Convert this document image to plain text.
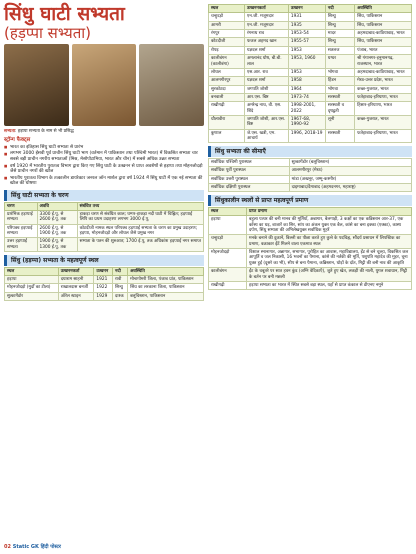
सिंधु घाटी सभ्यता
(हड़प्पा सभ्यता)
सभ्यता: हड़प्पा सभ्यता के नाम से भी प्रसिद्ध
स्ट्रॉन्ग फैक्ट्स
■ भारत का इतिहास सिंधु घाटी सभ्यता से प्रारंभ
■ लगभग 3000 ईसवी पूर्व प्राचीन सिंधु घाटी भाग (वर्तमान में पाकिस्तान तथा पश्चिमी भारत) में विकसित सभ्यता चार सबसे बड़ी प्राचीन नगरीय सभ्यताओं (मिस्र, मेसोपोटामिया, भारत और चीन) में सबसे अधिक उन्नत सभ्यता
■ वर्ष 1920 में भारतीय पुरातत्व विभाग द्वारा किए गए सिंधु घाटी के उत्खनन से प्राप्त अवशेषों से हड़प्पा तथा मोहनजोदड़ो जैसे प्राचीन नगरों की खोज
■ भारतीय पुरातत्व विभाग के तत्कालीन डायरेक्टर जनरल जॉन मार्शल द्वारा वर्ष 1924 में सिंधु घाटी में एक नई सभ्यता की खोज की घोषणा
सिंधु घाटी सभ्यता के चरण
चरण	अवधि	संबंधित तथ्य
प्रारंभिक हड़प्पाई सभ्यता	3300 ई.पू. से 2600 ई.पू. तक	हाकड़ा चरण से संबंधित काल; घग्गर-हाकड़ा नदी घाटी में चिह्नित; हड़प्पाई लिपि का प्रथम उदाहरण लगभग 3000 ई.पू.
परिपक्व हड़प्पाई सभ्यता	2600 ई.पू. से 1900 ई.पू. तक	कोटदीजी नामक स्थल परिपक्व हड़प्पाई सभ्यता के चरण का प्रमुख उदाहरण; हड़प्पा, मोहनजोदड़ो और लोथल जैसे प्रमुख नगर
उत्तर हड़प्पाई सभ्यता	1900 ई.पू. से 1300 ई.पू. तक	सभ्यता के पतन की शुरुआत; 1700 ई.पू. तक अधिकांश हड़प्पाई नगर समाप्त
सिंधु (हड़प्पा) सभ्यता के महत्वपूर्ण स्थल
स्थल	उत्खननकर्ता	उत्खनन	नदी	अवस्थिति
हड़प्पा	दयाराम साहनी	1921	रावी	मोन्टगोमरी जिला, पंजाब प्रांत, पाकिस्तान
मोहनजोदड़ो (मुर्दों का टीला)	राखालदास बनर्जी	1922	सिन्धु	सिंध का लरकाना जिला, पाकिस्तान
सुत्कागेंडोर	ऑरेल स्टाइन	1929	दाश्क	बलूचिस्तान, पाकिस्तान
स्थल	उत्खननकर्ता	उत्खनन	नदी	अवस्थिति
चन्हुदड़ो	एन.जी. मजूमदार	1931	सिन्धु	सिंध, पाकिस्तान
आमरी	एन.जी. मजूमदार	1935	सिन्धु	सिंध, पाकिस्तान
रंगपुर	रंगनाथ राव	1953-54	मादर	अहमदाबाद-काठियावाड़, भारत
कोटदीजी	फजल अहमद खान	1955-57	सिन्धु	सिंध, पाकिस्तान
रोपड़	यज्ञदत्त शर्मा	1953	सतलज	पंजाब, भारत
कालीबंगन (कालीबंगा)	अमलानंद घोष, बी.बी. लाल	1953, 1960	घग्घर	श्री गंगानगर-हनुमानगढ़, राजस्थान, भारत
लोथल	एस.आर. राव	1953	भोगवा	अहमदाबाद-काठियावाड़, भारत
आलमगीरपुर	यज्ञदत्त शर्मा	1958	हिंडन	मेरठ-उत्तर प्रदेश, भारत
सुरकोटदा	जगपति जोशी	1964	भोगवा	कच्छ-गुजरात, भारत
बनवाली	आर.एस. बिष्ट	1973-74	सरस्वती	फतेहाबाद-हरियाणा, भारत
राखीगढ़ी	अमरेन्द्र नाथ, वी. एस. शिंदे	1998-2001, 2022	सरस्वती व दृषद्वती	हिसार-हरियाणा, भारत
धौलावीरा	जगपति जोशी, आर.एस. बिष्ट	1967-68, 1990-92	लूनी	कच्छ-गुजरात, भारत
कुणाल	जे.एस. खत्री, एम. आचार्य	1996, 2018-19	सरस्वती	फतेहाबाद-हरियाणा, भारत
सिंधु सभ्यता की सीमाएँ
सर्वाधिक पश्चिमी पुरास्थल	सुत्कागेंडोर (बलूचिस्तान)
सर्वाधिक पूर्वी पुरास्थल	आलमगीरपुर (मेरठ)
सर्वाधिक उत्तरी पुरास्थल	मांडा (अखनूर, जम्मू-कश्मीर)
सर्वाधिक दक्षिणी पुरास्थल	दाइमाबाद/दैमाबाद (अहमदनगर, महाराष्ट्र)
सिंधुकालीन स्थलों से प्राप्त महत्वपूर्ण प्रमाण
स्थल	प्राप्त प्रमाण
हड़प्पा	बहुला पत्थर की बनी मानव की मूर्तियाँ, अन्नागार, बैलगाड़ी, 3 कक्षों का एक कब्रिस्तान आर-37, एक कॉस्य का घड़, बाजारें का सिर, सांप का अंकन युक्त एक बैल, कांसे का बना इक्का (एक्का), कास्य दर्पण, सिंधु सभ्यता की अभिलेखयुक्त सर्वाधिक मुहरें
चन्हुदड़ो	मनके बनाने की दुकानें, बिल्ली का पीछा करते हुए कुत्ते के पदचिह्न, सौंदर्य प्रसाधन में लिपस्टिक का प्रमाण, वक्राकार ईंटें मिलने वाला एकमात्र स्थल
मोहनजोदड़ो	विशाल स्नानागार, अन्नागार, सभागार, पुरोहित का आवास, महाविद्यालय, ईंट से बने चूल्हा, विकसित जल आपूर्ति व जल निकासी, 16 भवनों का पैमाना, कांसे की नर्तकी की मूर्ति, पशुपति महादेव की मुहर, चूना युक्त हुई (दूसरे का भी), सीप से बना पैमाना, कब्रिस्तान, घोड़ों के दाँत, मिट्टी की बनी नाव की आकृति
कालीबंगन	ईंट के चबूतरे पर सात हवन कुंड (अग्नि वेदिकाएँ), जुते हुए खेत, लकड़ी की नाली, युगल शवाधान, मिट्टी के बर्तन पर बनी मछली
राखीगढ़ी	हड़प्पा सभ्यता का भारत में स्थित सबसे बड़ा स्थल, यहाँ से प्राप्त कंकाल से डीएनए नमूने
02 Static GK हिंदी पोस्टर
